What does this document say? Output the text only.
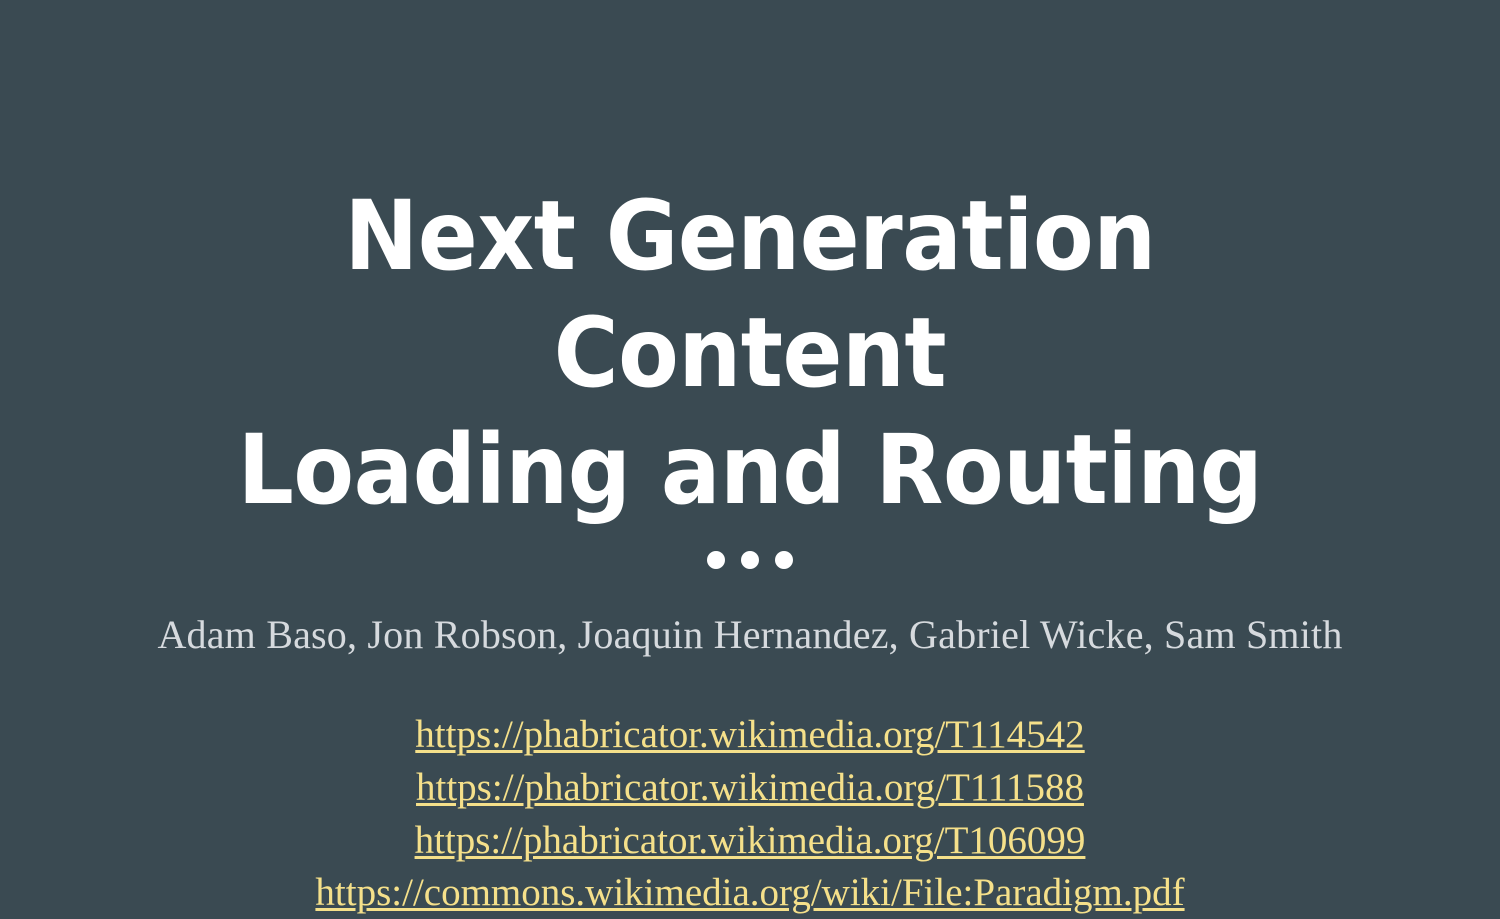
Next Generation Content
Loading and Routing
Adam Baso, Jon Robson, Joaquin Hernandez, Gabriel Wicke, Sam Smith
https://phabricator.wikimedia.org/T114542
https://phabricator.wikimedia.org/T111588
https://phabricator.wikimedia.org/T106099
https://commons.wikimedia.org/wiki/File:Paradigm.pdf
